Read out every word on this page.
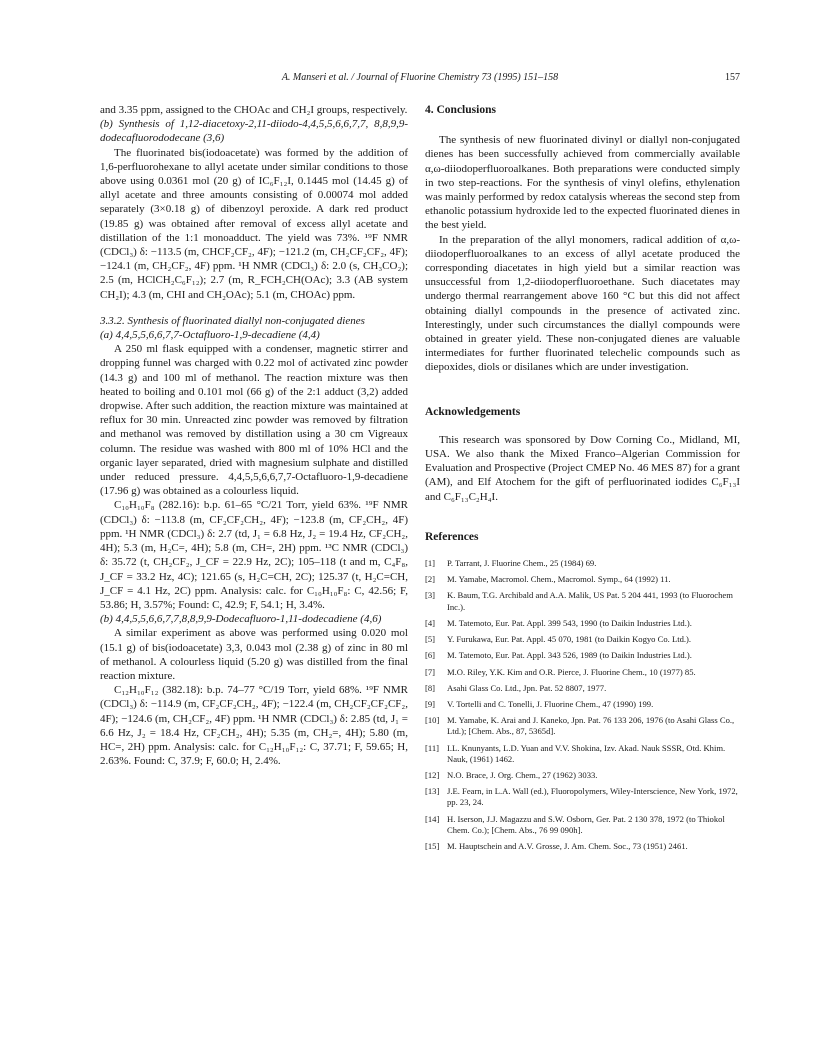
A. Manseri et al. / Journal of Fluorine Chemistry 73 (1995) 151–158	157

and 3.35 ppm, assigned to the CHOAc and CH₂I groups, respectively.

(b) Synthesis of 1,12-diacetoxy-2,11-diiodo-4,4,5,5,6,6,7,7, 8,8,9,9-dodecafluorododecane (3,6)

The fluorinated bis(iodoacetate) was formed by the addition of 1,6-perfluorohexane to allyl acetate under similar conditions to those above using 0.0361 mol (20 g) of IC₆F₁₂I, 0.1445 mol (14.45 g) of allyl acetate and three amounts consisting of 0.00074 mol added separately (3×0.18 g) of dibenzoyl peroxide. A dark red product (19.85 g) was obtained after removal of excess allyl acetate and distillation of the 1:1 monoadduct. The yield was 73%. ¹⁹F NMR (CDCl₃) δ: −113.5 (m, CHCF₂CF₂, 4F); −121.2 (m, CH₂CF₂CF₂, 4F); −124.1 (m, CH₂CF₂, 4F) ppm. ¹H NMR (CDCl₃) δ: 2.0 (s, CH₃CO₂); 2.5 (m, HClCH₂C₆F₁₂); 2.7 (m, R_FCH₂CH(OAc); 3.3 (AB system CH₂I); 4.3 (m, CHI and CH₂OAc); 5.1 (m, CHOAc) ppm.

3.3.2. Synthesis of fluorinated diallyl non-conjugated dienes

(a) 4,4,5,5,6,6,7,7-Octafluoro-1,9-decadiene (4,4)

A 250 ml flask equipped with a condenser, magnetic stirrer and dropping funnel was charged with 0.22 mol of activated zinc powder (14.3 g) and 100 ml of methanol. The reaction mixture was then heated to boiling and 0.101 mol (66 g) of the 2:1 adduct (3,2) added dropwise. After such addition, the reaction mixture was maintained at reflux for 30 min. Unreacted zinc powder was removed by filtration and methanol was removed by distillation using a 30 cm Vigreaux column. The residue was washed with 800 ml of 10% HCl and the organic layer separated, dried with magnesium sulphate and distilled under reduced pressure. 4,4,5,5,6,6,7,7-Octafluoro-1,9-decadiene (17.96 g) was obtained as a colourless liquid.

C₁₀H₁₀F₈ (282.16): b.p. 61–65 °C/21 Torr, yield 63%. ¹⁹F NMR (CDCl₃) δ: −113.8 (m, CF₂CF₂CH₂, 4F); −123.8 (m, CF₂CH₂, 4F) ppm. ¹H NMR (CDCl₃) δ: 2.7 (td, J₁ = 6.8 Hz, J₂ = 19.4 Hz, CF₂CH₂, 4H); 5.3 (m, H₂C=, 4H); 5.8 (m, CH=, 2H) ppm. ¹³C NMR (CDCl₃) δ: 35.72 (t, CH₂CF₂, J_CF = 22.9 Hz, 2C); 105–118 (t and m, C₄F₈, J_CF = 33.2 Hz, 4C); 121.65 (s, H₂C=CH, 2C); 125.37 (t, H₂C=CH, J_CF = 4.1 Hz, 2C) ppm. Analysis: calc. for C₁₀H₁₀F₈: C, 42.56; F, 53.86; H, 3.57%; Found: C, 42.9; F, 54.1; H, 3.4%.

(b) 4,4,5,5,6,6,7,7,8,8,9,9-Dodecafluoro-1,11-dodecadiene (4,6)

A similar experiment as above was performed using 0.020 mol (15.1 g) of bis(iodoacetate) 3,3, 0.043 mol (2.38 g) of zinc in 80 ml of methanol. A colourless liquid (5.20 g) was distilled from the final reaction mixture.

C₁₂H₁₀F₁₂ (382.18): b.p. 74–77 °C/19 Torr, yield 68%. ¹⁹F NMR (CDCl₃) δ: −114.9 (m, CF₂CF₂CH₂, 4F); −122.4 (m, CH₂CF₂CF₂CF₂, 4F); −124.6 (m, CH₂CF₂, 4F) ppm. ¹H NMR (CDCl₃) δ: 2.85 (td, J₁ = 6.6 Hz, J₂ = 18.4 Hz, CF₂CH₂, 4H); 5.35 (m, CH₂=, 4H); 5.80 (m, HC=, 2H) ppm. Analysis: calc. for C₁₂H₁₀F₁₂: C, 37.71; F, 59.65; H, 2.63%. Found: C, 37.9; F, 60.0; H, 2.4%.

4. Conclusions

The synthesis of new fluorinated divinyl or diallyl non-conjugated dienes has been successfully achieved from commercially available α,ω-diiodoperfluoroalkanes. Both preparations were conducted simply in two step-reactions. For the synthesis of vinyl olefins, ethylenation was mainly performed by redox catalysis whereas the second step from ethanolic potassium hydroxide led to the expected fluorinated dienes in the best yield.

In the preparation of the allyl monomers, radical addition of α,ω-diiodoperfluoroalkanes to an excess of allyl acetate produced the corresponding diacetates in high yield but a similar reaction was unsuccessful from 1,2-diiodoperfluoroethane. Such diacetates may undergo thermal rearrangement above 160 °C but this did not affect obtaining diallyl compounds in the presence of activated zinc. Interestingly, under such circumstances the diallyl compounds were obtained in greater yield. These non-conjugated dienes are valuable intermediates for further fluorinated telechelic compounds such as diepoxides, diols or disilanes which are under investigation.

Acknowledgements

This research was sponsored by Dow Corning Co., Midland, MI, USA. We also thank the Mixed Franco–Algerian Commission for Evaluation and Prospective (Project CMEP No. 46 MES 87) for a grant (AM), and Elf Atochem for the gift of perfluorinated iodides C₆F₁₃I and C₆F₁₃C₂H₄I.

References

[1] P. Tarrant, J. Fluorine Chem., 25 (1984) 69.
[2] M. Yamabe, Macromol. Chem., Macromol. Symp., 64 (1992) 11.
[3] K. Baum, T.G. Archibald and A.A. Malik, US Pat. 5 204 441, 1993 (to Fluorochem Inc.).
[4] M. Tatemoto, Eur. Pat. Appl. 399 543, 1990 (to Daikin Industries Ltd.).
[5] Y. Furukawa, Eur. Pat. Appl. 45 070, 1981 (to Daikin Kogyo Co. Ltd.).
[6] M. Tatemoto, Eur. Pat. Appl. 343 526, 1989 (to Daikin Industries Ltd.).
[7] M.O. Riley, Y.K. Kim and O.R. Pierce, J. Fluorine Chem., 10 (1977) 85.
[8] Asahi Glass Co. Ltd., Jpn. Pat. 52 8807, 1977.
[9] V. Tortelli and C. Tonelli, J. Fluorine Chem., 47 (1990) 199.
[10] M. Yamabe, K. Arai and J. Kaneko, Jpn. Pat. 76 133 206, 1976 (to Asahi Glass Co., Ltd.); [Chem. Abs., 87, 5365d].
[11] I.L. Knunyants, L.D. Yuan and V.V. Shokina, Izv. Akad. Nauk SSSR, Otd. Khim. Nauk, (1961) 1462.
[12] N.O. Brace, J. Org. Chem., 27 (1962) 3033.
[13] J.E. Fearn, in L.A. Wall (ed.), Fluoropolymers, Wiley-Interscience, New York, 1972, pp. 23, 24.
[14] H. Iserson, J.J. Magazzu and S.W. Osborn, Ger. Pat. 2 130 378, 1972 (to Thiokol Chem. Co.); [Chem. Abs., 76 99 090h].
[15] M. Hauptschein and A.V. Grosse, J. Am. Chem. Soc., 73 (1951) 2461.
